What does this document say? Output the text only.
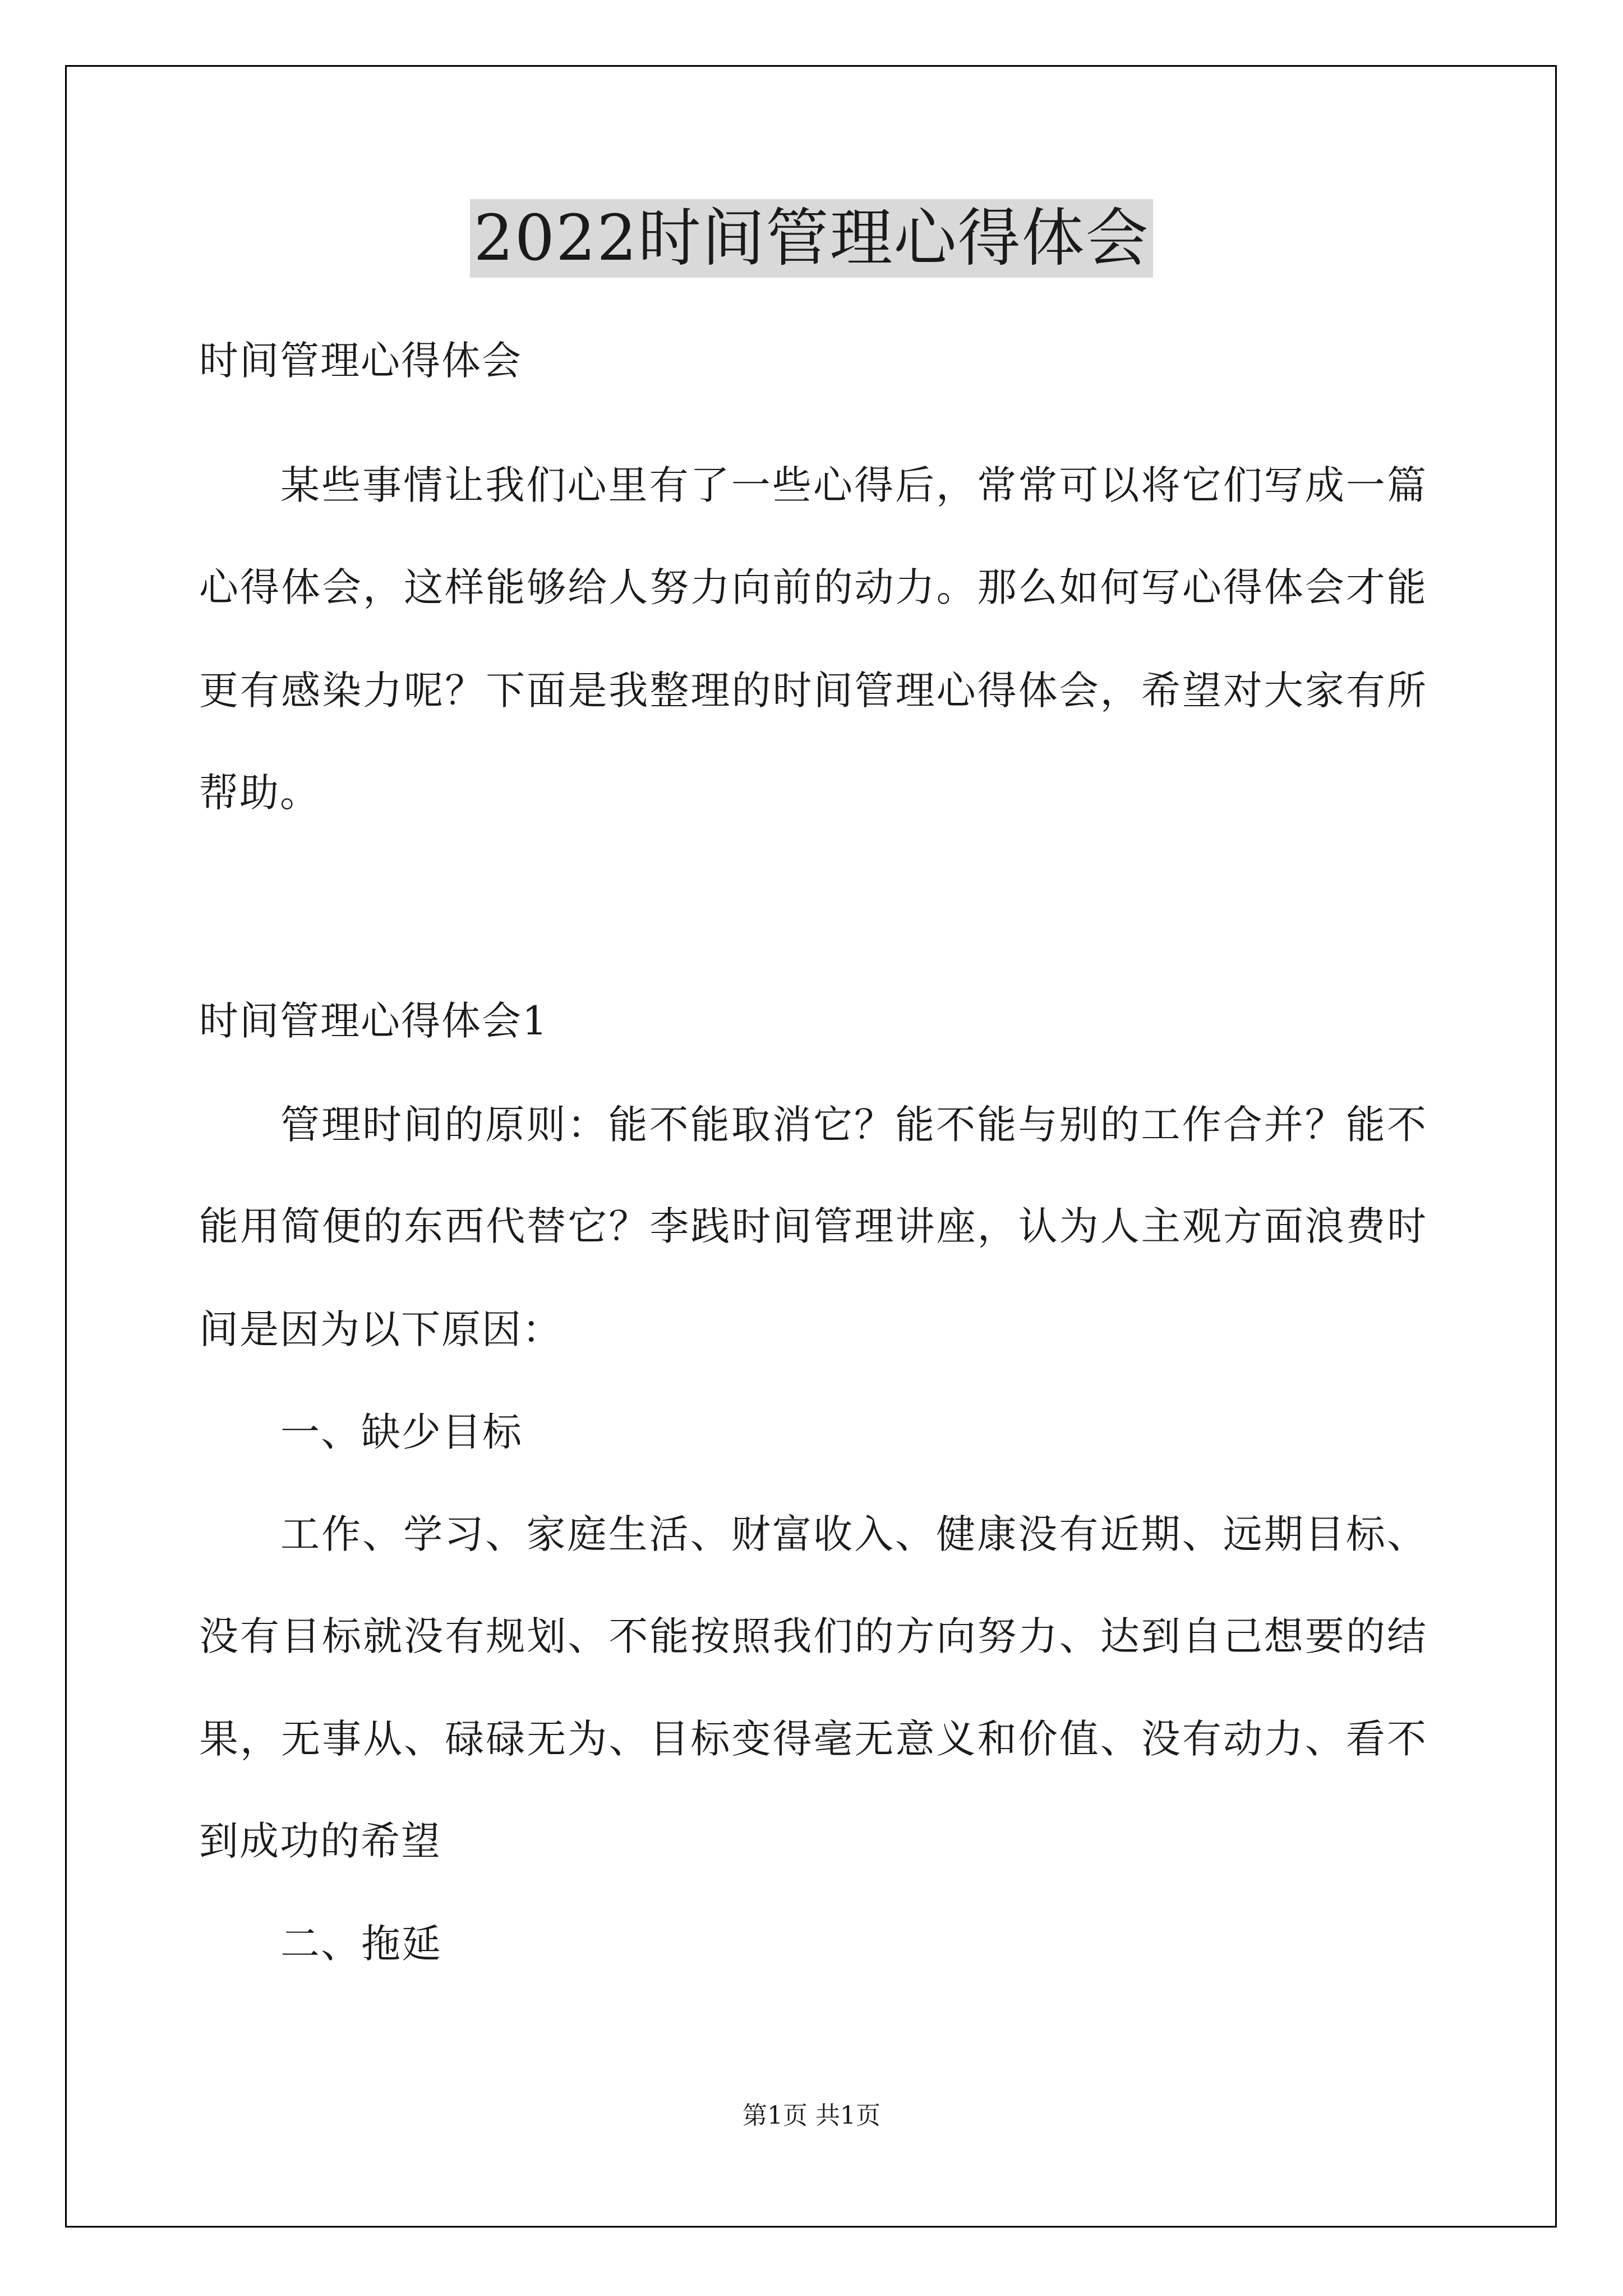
2022时间管理心得体会

时间管理心得体会

某些事情让我们心里有了一些心得后，常常可以将它们写成一篇

心得体会，这样能够给人努力向前的动力。那么如何写心得体会才能

更有感染力呢？下面是我整理的时间管理心得体会，希望对大家有所

帮助。

时间管理心得体会1

管理时间的原则：能不能取消它？能不能与别的工作合并？能不

能用简便的东西代替它？李践时间管理讲座，认为人主观方面浪费时

间是因为以下原因：

一、缺少目标

工作、学习、家庭生活、财富收入、健康没有近期、远期目标、

没有目标就没有规划、不能按照我们的方向努力、达到自己想要的结

果，无事从、碌碌无为、目标变得毫无意义和价值、没有动力、看不

到成功的希望

二、拖延

第1页 共1页
